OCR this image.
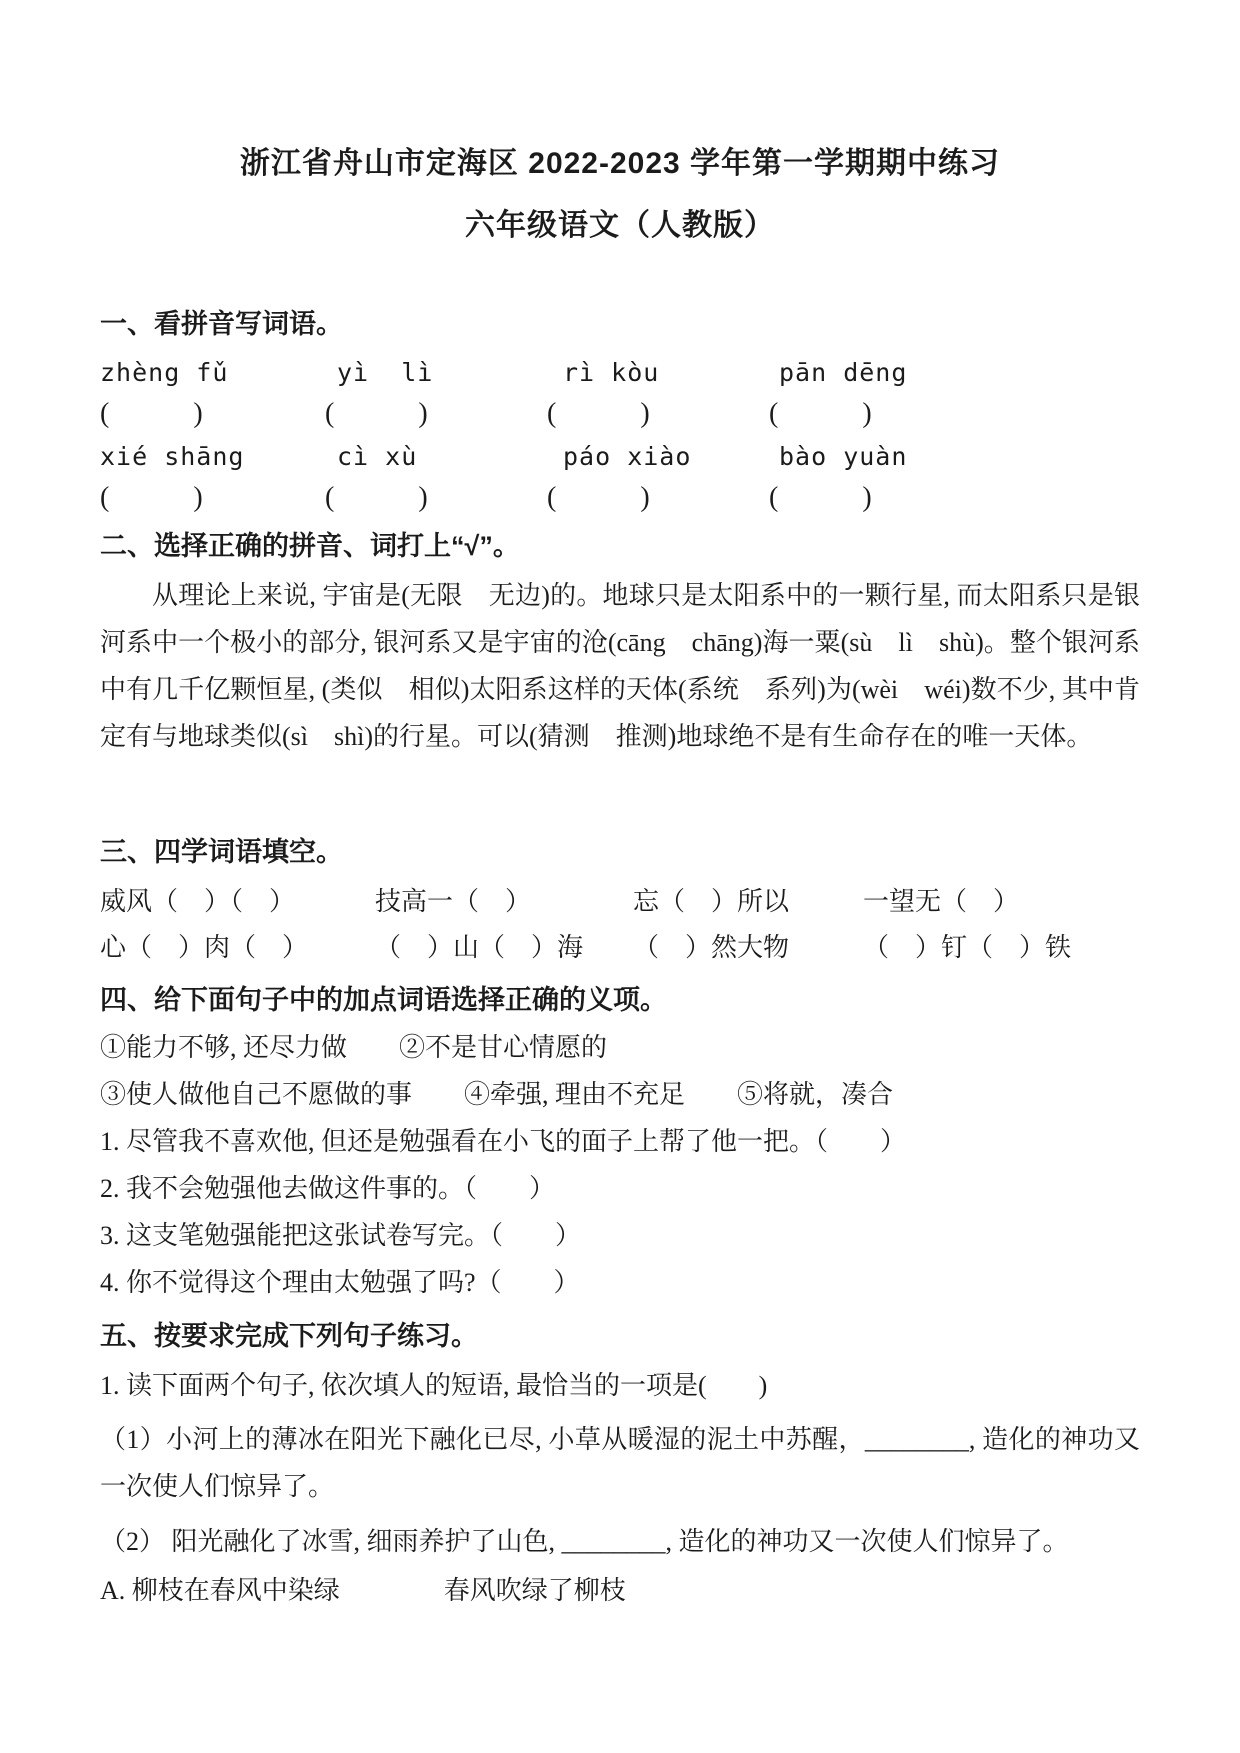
浙江省舟山市定海区 2022-2023 学年第一学期期中练习
六年级语文（人教版）
一、看拼音写词语。
zhèng fǔ	yì  lì	rì kòu	pān dēng
(　　　)	(　　　)	(　　　)	(　　　)
xié shāng	cì xù	páo xiào	bào yuàn
(　　　)	(　　　)	(　　　)	(　　　)
二、选择正确的拼音、词打上“√”。

从理论上来说, 宇宙是(无限　无边)的。地球只是太阳系中的一颗行星, 而太阳系只是银河系中一个极小的部分, 银河系又是宇宙的沧(cāng　chāng)海一粟(sù　lì　shù)。整个银河系中有几千亿颗恒星, (类似　相似)太阳系这样的天体(系统　系列)为(wèi　wéi)数不少, 其中肯定有与地球类似(sì　shì)的行星。可以(猜测　推测)地球绝不是有生命存在的唯一天体。

三、四学词语填空。
威风（　）（　）	技高一（　）	忘（　）所以	一望无（　）
心（　）肉（　）	（　）山（　）海	（　）然大物	（　）钉（　）铁
四、给下面句子中的加点词语选择正确的义项。
①能力不够, 还尽力做　　②不是甘心情愿的
③使人做他自己不愿做的事　　④牵强, 理由不充足　　⑤将就，凑合
1. 尽管我不喜欢他, 但还是勉强看在小飞的面子上帮了他一把。（　　）
2. 我不会勉强他去做这件事的。（　　）
3. 这支笔勉强能把这张试卷写完。（　　）
4. 你不觉得这个理由太勉强了吗?（　　）
五、按要求完成下列句子练习。
1. 读下面两个句子, 依次填人的短语, 最恰当的一项是(　　)

（1）小河上的薄冰在阳光下融化已尽, 小草从暖湿的泥土中苏醒，________, 造化的神功又一次使人们惊异了。

（2） 阳光融化了冰雪, 细雨养护了山色, ________, 造化的神功又一次使人们惊异了。

A. 柳枝在春风中染绿　　　　春风吹绿了柳枝
